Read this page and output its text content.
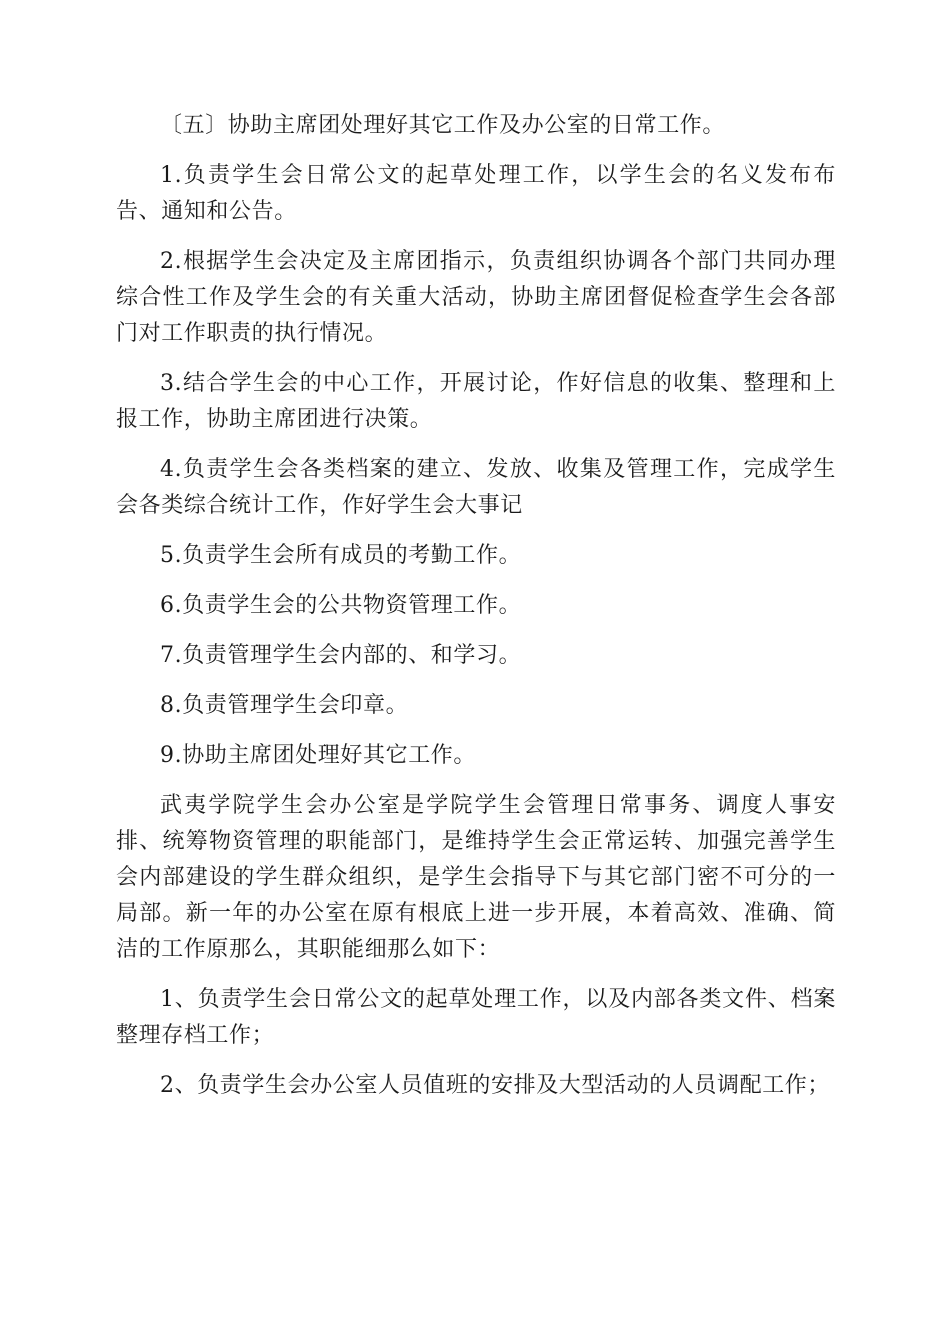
〔五〕协助主席团处理好其它工作及办公室的日常工作。

1.负责学生会日常公文的起草处理工作，以学生会的名义发布布告、通知和公告。

2.根据学生会决定及主席团指示，负责组织协调各个部门共同办理综合性工作及学生会的有关重大活动，协助主席团督促检查学生会各部门对工作职责的执行情况。

3.结合学生会的中心工作，开展讨论，作好信息的收集、整理和上报工作，协助主席团进行决策。

4.负责学生会各类档案的建立、发放、收集及管理工作，完成学生会各类综合统计工作，作好学生会大事记

5.负责学生会所有成员的考勤工作。

6.负责学生会的公共物资管理工作。

7.负责管理学生会内部的、和学习。

8.负责管理学生会印章。

9.协助主席团处理好其它工作。

武夷学院学生会办公室是学院学生会管理日常事务、调度人事安排、统筹物资管理的职能部门，是维持学生会正常运转、加强完善学生会内部建设的学生群众组织，是学生会指导下与其它部门密不可分的一局部。新一年的办公室在原有根底上进一步开展，本着高效、准确、简洁的工作原那么，其职能细那么如下：

1、负责学生会日常公文的起草处理工作，以及内部各类文件、档案整理存档工作；

2、负责学生会办公室人员值班的安排及大型活动的人员调配工作；
